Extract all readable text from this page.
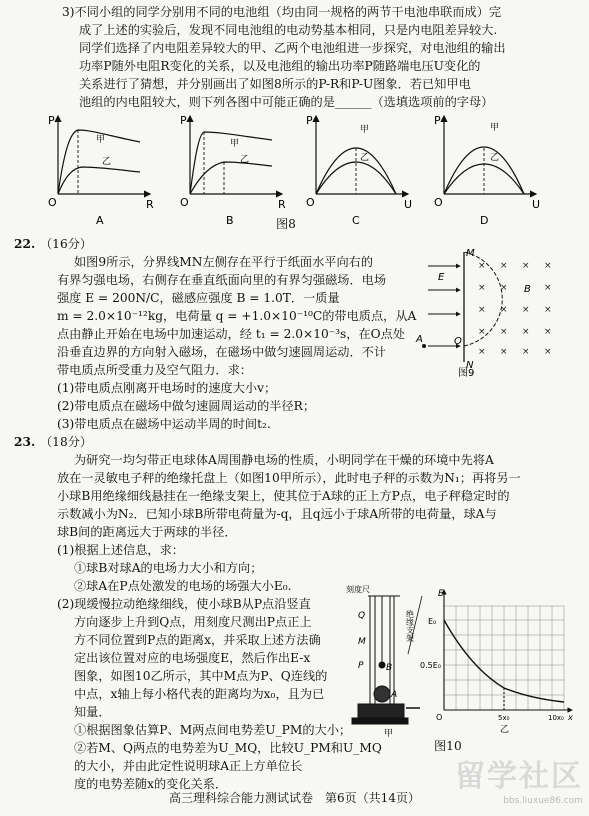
3)不同小组的同学分别用不同的电池组（均由同一规格的两节干电池串联而成）完
成了上述的实验后，发现不同电池组的电动势基本相同，只是内电阻差异较大.
同学们选择了内电阻差异较大的甲、乙两个电池组进一步探究，对电池组的输出
功率P随外电阻R变化的关系，以及电池组的输出功率P随路端电压U变化的
关系进行了猜想，并分别画出了如图8所示的P-R和P-U图象．若已知甲电
池组的内电阻较大，则下列各图中可能正确的是______（选填选项前的字母）
P
O	R
甲
乙
A
P
O	R
甲
乙
B
P
O	U
甲
乙
C
P
O	U
甲
乙
D
图8
22. （16分）
如图9所示，分界线MN左侧存在平行于纸面水平向右的
有界匀强电场，右侧存在垂直纸面向里的有界匀强磁场．电场
强度 E = 200N/C，磁感应强度 B = 1.0T．一质量
m = 2.0×10⁻¹²kg，电荷量 q = +1.0×10⁻¹⁰C的带电质点，从A
点由静止开始在电场中加速运动，经 t₁ = 2.0×10⁻³s，在O点处
沿垂直边界的方向射入磁场，在磁场中做匀速圆周运动．不计
带电质点所受重力及空气阻力．求：
(1)带电质点刚离开电场时的速度大小v；
(2)带电质点在磁场中做匀速圆周运动的半径R；
(3)带电质点在磁场中运动半周的时间t₂.
× × × ×
× ×	×
× × × ×
× × × ×
× × × ×
M
N
E
B
A	O
图9
23. （18分）
为研究一均匀带正电球体A周围静电场的性质，小明同学在干燥的环境中先将A
放在一灵敏电子秤的绝缘托盘上（如图10甲所示），此时电子秤的示数为N₁；再将另一
小球B用绝缘细线悬挂在一绝缘支架上，使其位于A球的正上方P点，电子秤稳定时的
示数减小为N₂．已知小球B所带电荷量为-q，且q远小于球A所带的电荷量，球A与
球B间的距离远大于两球的半径．
(1)根据上述信息，求：
①球B对球A的电场力大小和方向；
②球A在P点处激发的电场的场强大小E₀.
(2)现缓慢拉动绝缘细线，使小球B从P点沿竖直
方向逐步上升到Q点，用刻度尺测出P点正上
方不同位置到P点的距离x，并采取上述方法确
定出该位置对应的电场强度E，然后作出E-x
图象，如图10乙所示，其中M点为P、Q连线的
中点，x轴上每小格代表的距离均为x₀，且为已
知量．
①根据图象估算P、M两点间电势差U_PM的大小；
②若M、Q两点的电势差为U_MQ，比较U_PM和U_MQ
的大小，并由此定性说明球A正上方单位长
度的电势差随x的变化关系．
刻度尺
绝缘支架
Q
M
P	B
A
甲
E
E₀
0.5E₀
O	5x₀	10x₀ x
乙
图10
高三理科综合能力测试试卷　第6页（共14页）
留学社区
bbs.liuxue86.com
